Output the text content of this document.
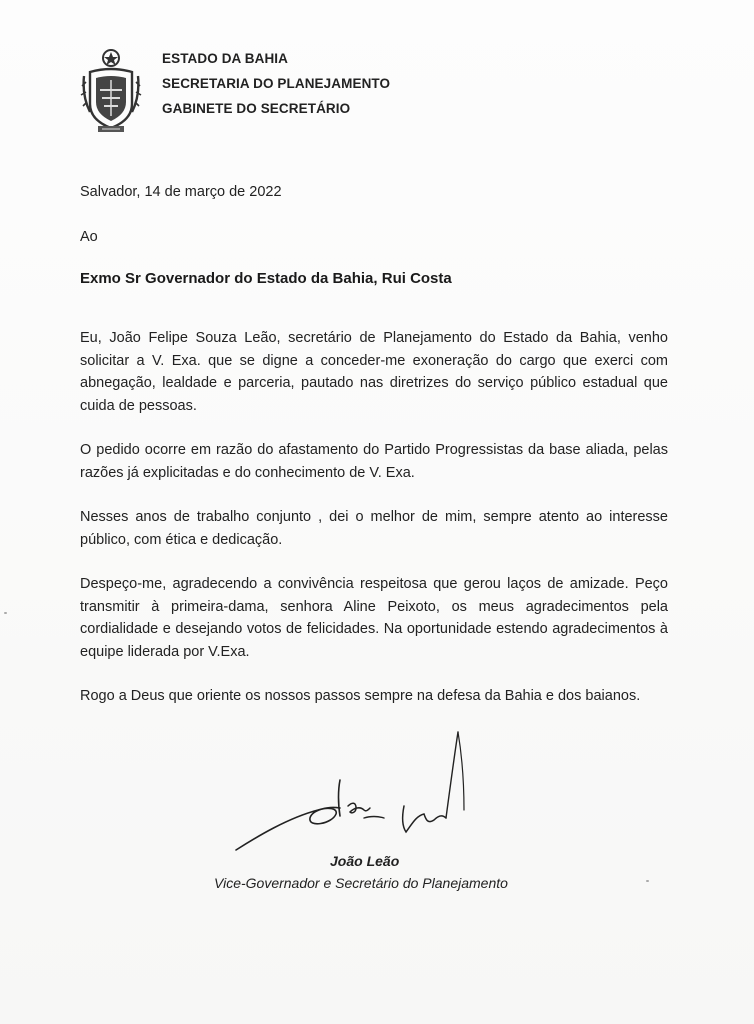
ESTADO DA BAHIA
SECRETARIA DO PLANEJAMENTO
GABINETE DO SECRETÁRIO
Salvador, 14 de março de 2022
Ao
Exmo Sr Governador do Estado da Bahia, Rui Costa

Eu, João Felipe Souza Leão, secretário de Planejamento do Estado da Bahia, venho solicitar a V. Exa. que se digne a conceder-me exoneração do cargo que exerci com abnegação, lealdade e parceria, pautado nas diretrizes do serviço público estadual que cuida de pessoas.

O pedido ocorre em razão do afastamento do Partido Progressistas da base aliada, pelas razões já explicitadas e do conhecimento de V. Exa.

Nesses anos de trabalho conjunto , dei o melhor de mim, sempre atento ao interesse público, com ética e dedicação.

Despeço-me, agradecendo a convivência respeitosa que gerou laços de amizade. Peço transmitir à primeira-dama, senhora Aline Peixoto, os meus agradecimentos pela cordialidade e desejando votos de felicidades. Na oportunidade estendo agradecimentos à equipe liderada por V.Exa.

Rogo a Deus que oriente os nossos passos sempre na defesa da Bahia e dos baianos.

João Leão
Vice-Governador e Secretário do Planejamento
